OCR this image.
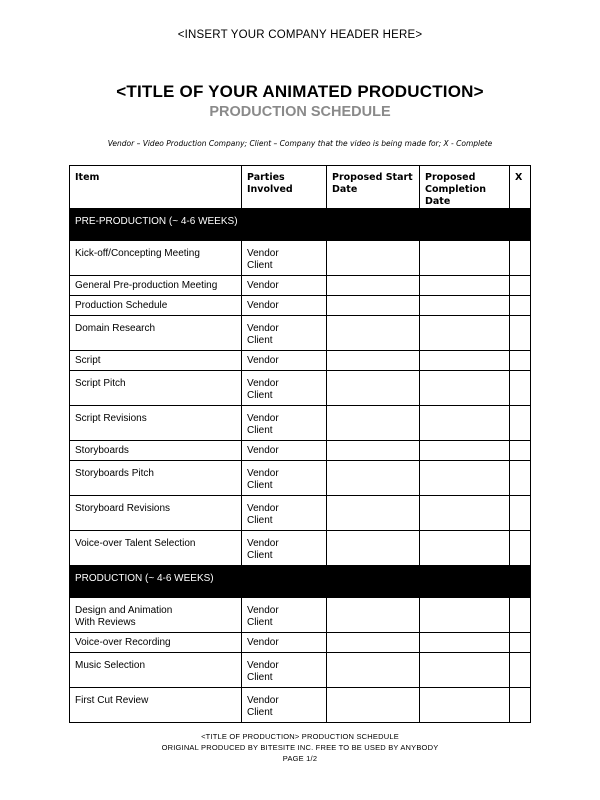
<INSERT YOUR COMPANY HEADER HERE>
<TITLE OF YOUR ANIMATED PRODUCTION>
PRODUCTION SCHEDULE
Vendor – Video Production Company; Client – Company that the video is being made for; X - Complete
Item	Parties Involved	Proposed Start Date	Proposed Completion Date	X
PRE-PRODUCTION (~ 4-6 WEEKS)				

Kick-off/Concepting Meeting	Vendor
Client			

General Pre-production Meeting	Vendor			

Production Schedule	Vendor			

Domain Research	Vendor
Client			

Script	Vendor			

Script Pitch	Vendor
Client			

Script Revisions	Vendor
Client			

Storyboards	Vendor			

Storyboards Pitch	Vendor
Client			

Storyboard Revisions	Vendor
Client			

Voice-over Talent Selection	Vendor
Client			

PRODUCTION (~ 4-6 WEEKS)				

Design and Animation
With Reviews	Vendor
Client			

Voice-over Recording	Vendor			

Music Selection	Vendor
Client			

First Cut Review	Vendor
Client			

<TITLE OF PRODUCTION> PRODUCTION SCHEDULE
ORIGINAL PRODUCED BY BITESITE INC. FREE TO BE USED BY ANYBODY
PAGE 1/2
